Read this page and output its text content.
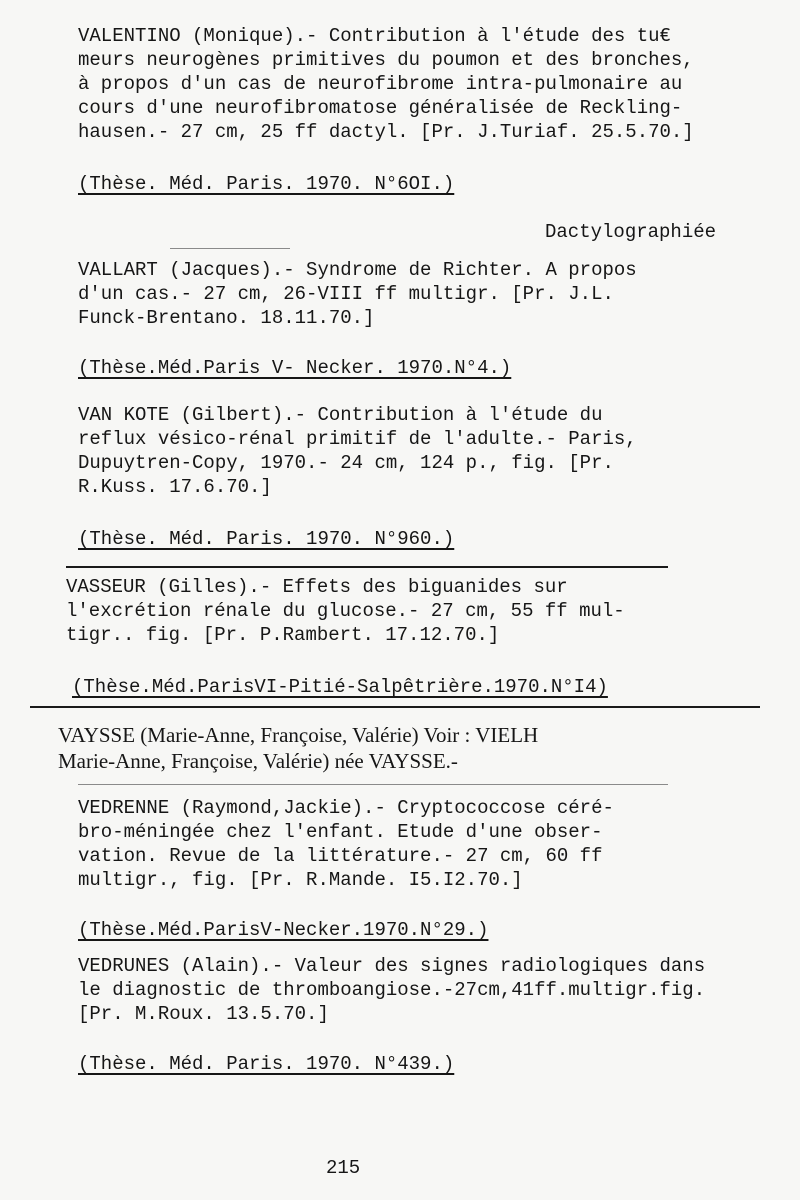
VALENTINO (Monique).- Contribution à l'étude des tu€
meurs neurogènes primitives du poumon et des bronches,
à propos d'un cas de neurofibrome intra-pulmonaire au
cours d'une neurofibromatose généralisée de Reckling-
hausen.- 27 cm, 25 ff dactyl. [Pr. J.Turiaf. 25.5.70.]
(Thèse. Méd. Paris. 1970. N°6OI.)
Dactylographiée
VALLART (Jacques).- Syndrome de Richter. A propos
d'un cas.- 27 cm, 26-VIII ff multigr. [Pr. J.L.
Funck-Brentano. 18.11.70.]
(Thèse.Méd.Paris V- Necker. 1970.N°4.)
VAN KOTE (Gilbert).- Contribution à l'étude du
reflux vésico-rénal primitif de l'adulte.- Paris,
Dupuytren-Copy, 1970.- 24 cm, 124 p., fig. [Pr.
R.Kuss. 17.6.70.]
(Thèse. Méd. Paris. 1970. N°960.)
VASSEUR (Gilles).- Effets des biguanides sur
l'excrétion rénale du glucose.- 27 cm, 55 ff mul-
tigr.. fig. [Pr. P.Rambert. 17.12.70.]
(Thèse.Méd.ParisVI-Pitié-Salpêtrière.1970.N°I4)
VAYSSE (Marie-Anne, Françoise, Valérie) Voir : VIELH
Marie-Anne, Françoise, Valérie) née VAYSSE.-
VEDRENNE (Raymond,Jackie).- Cryptococcose céré-
bro-méningée chez l'enfant. Etude d'une obser-
vation. Revue de la littérature.- 27 cm, 60 ff
multigr., fig. [Pr. R.Mande. I5.I2.70.]
(Thèse.Méd.ParisV-Necker.1970.N°29.)
VEDRUNES (Alain).- Valeur des signes radiologiques dans
le diagnostic de thromboangiose.-27cm,41ff.multigr.fig.
[Pr. M.Roux. 13.5.70.]
(Thèse. Méd. Paris. 1970. N°439.)
215
